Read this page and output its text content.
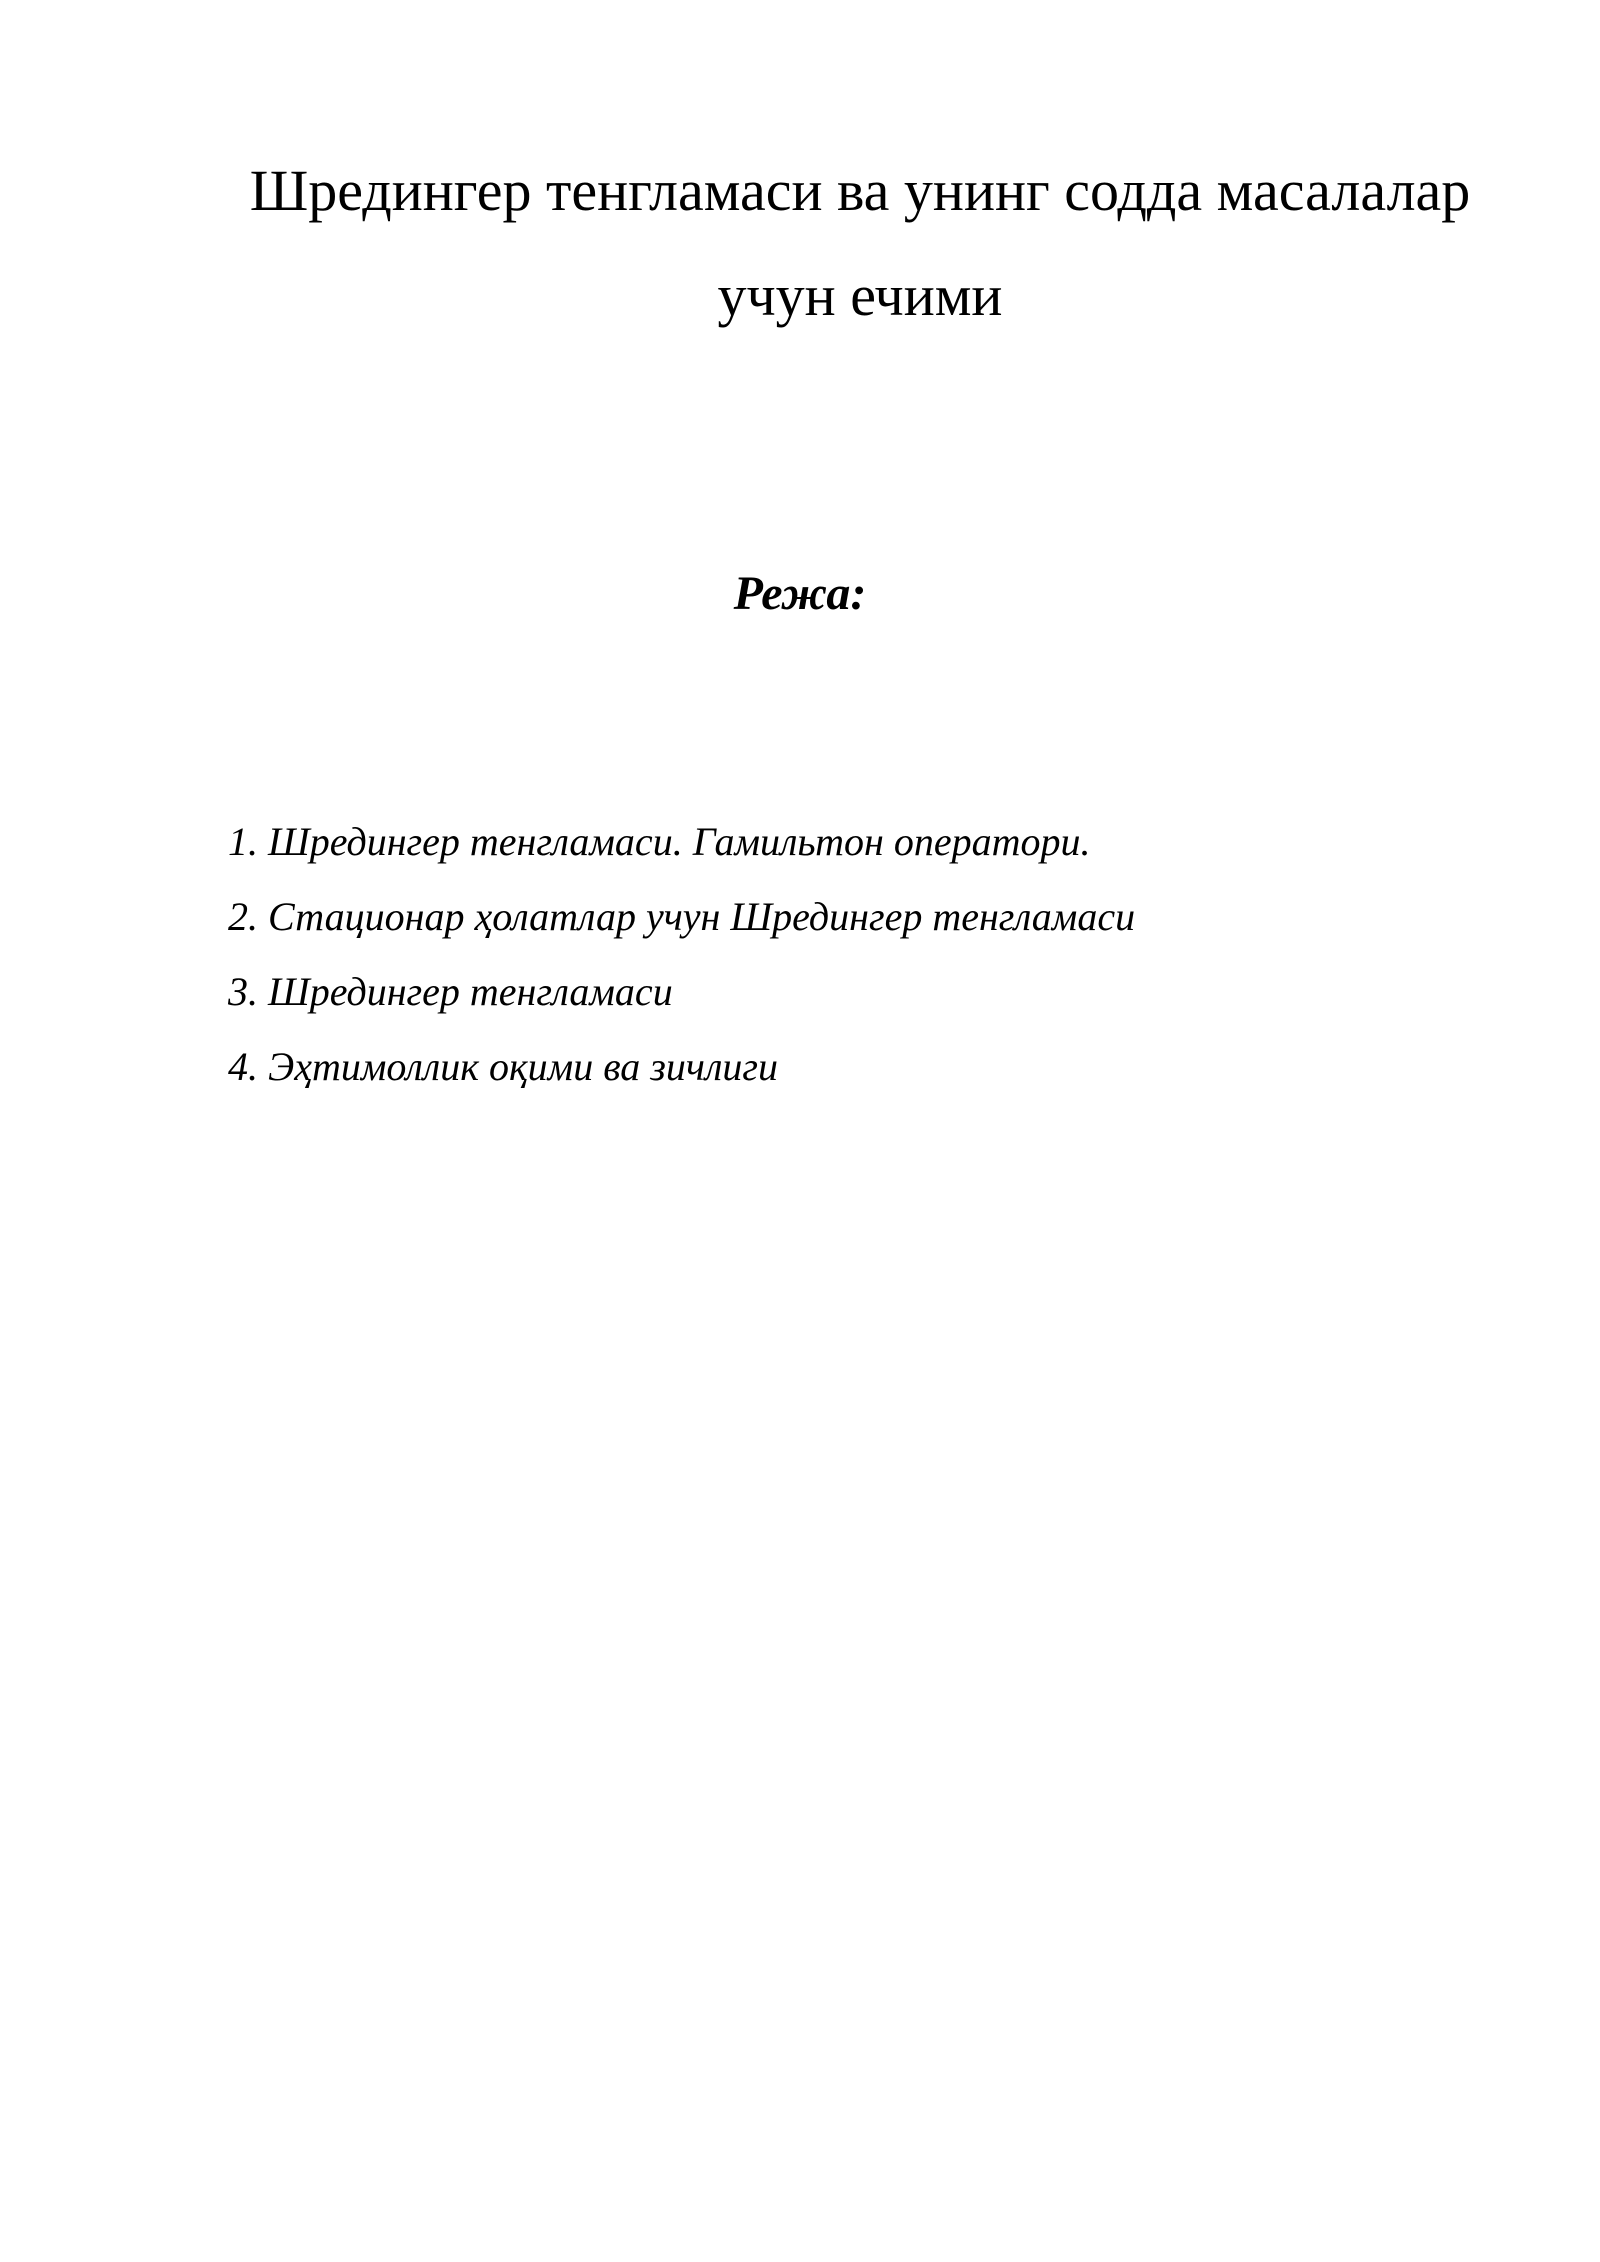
Шредингер тенгламаси ва унинг содда масалалар
учун ечими
Режа:
1. Шредингер тенгламаси. Гамильтон оператори.
2. Стационар ҳолатлар учун Шредингер тенгламаси
3. Шредингер тенгламаси
4. Эҳтимоллик оқими ва зичлиги
